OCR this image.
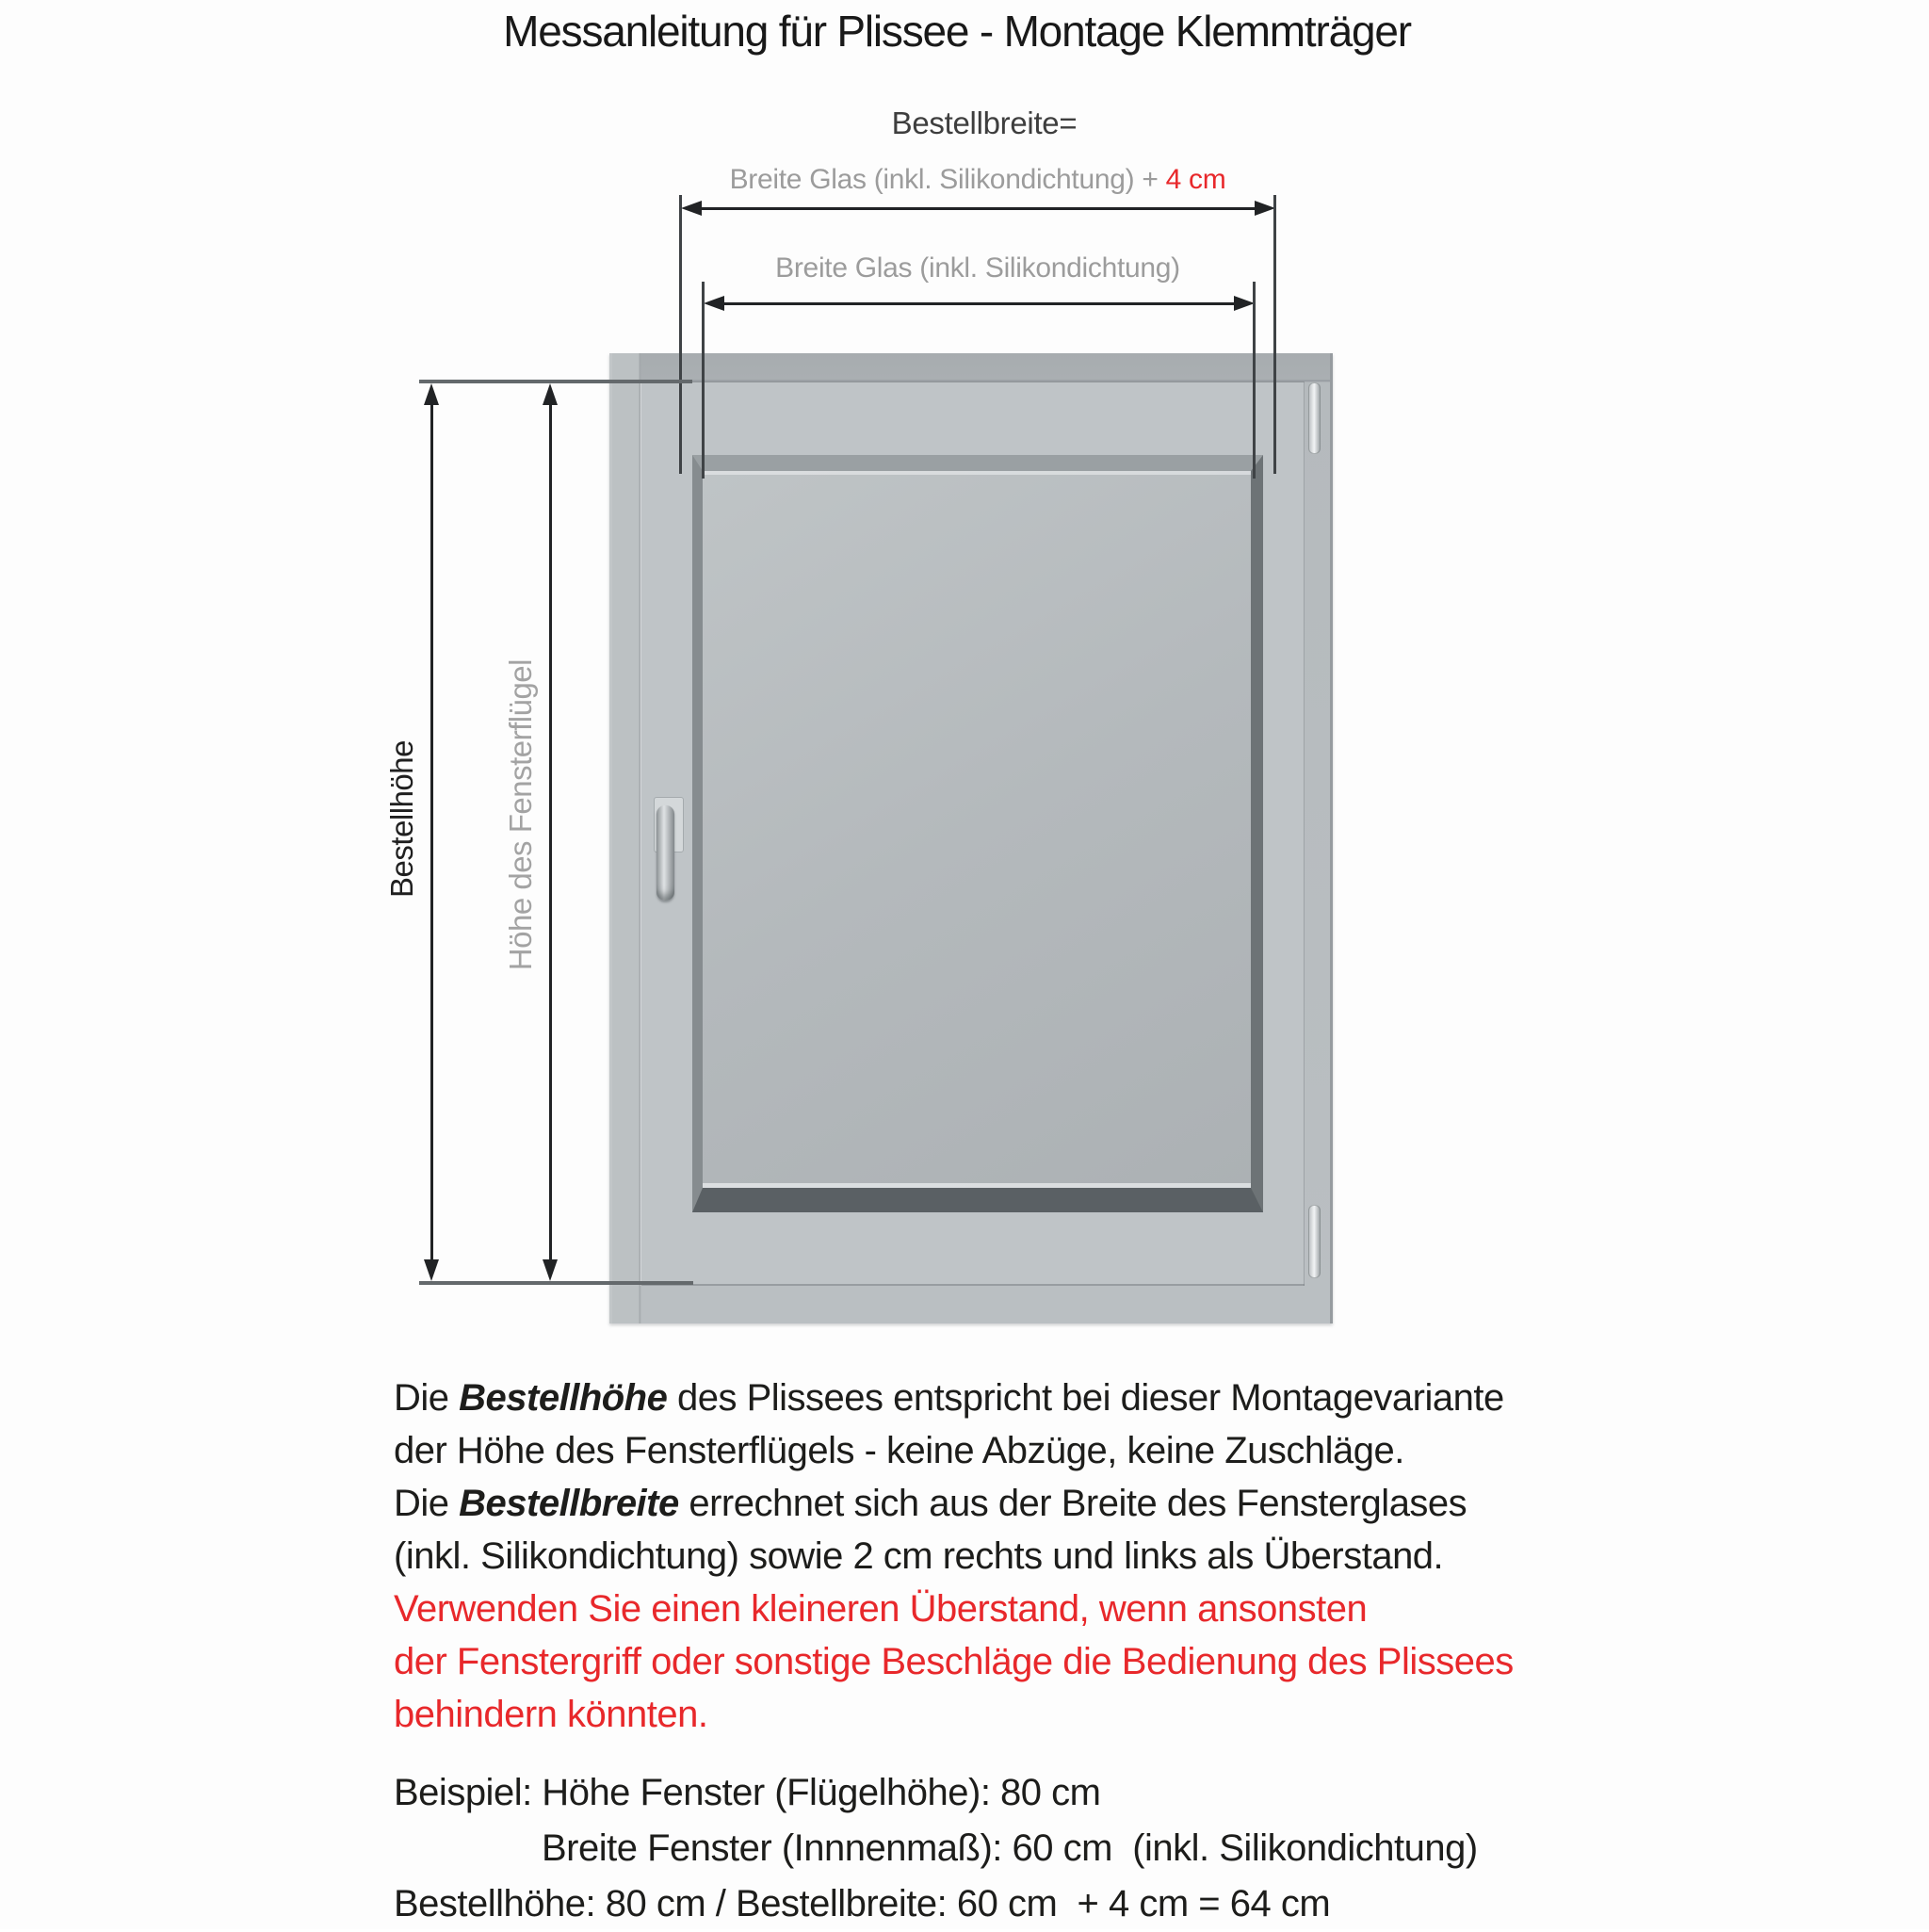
Messanleitung für Plissee - Montage Klemmträger
Bestellbreite=
Breite Glas (inkl. Silikondichtung) + 4 cm
Breite Glas (inkl. Silikondichtung)
Bestellhöhe	Höhe des Fensterflügel
Die Bestellhöhe des Plissees entspricht bei dieser Montagevariante
der Höhe des Fensterflügels - keine Abzüge, keine Zuschläge.
Die Bestellbreite errechnet sich aus der Breite des Fensterglases
(inkl. Silikondichtung) sowie 2 cm rechts und links als Überstand.
Verwenden Sie einen kleineren Überstand, wenn ansonsten
der Fenstergriff oder sonstige Beschläge die Bedienung des Plissees
behindern könnten.
Beispiel: Höhe Fenster (Flügelhöhe): 80 cm
Breite Fenster (Innnenmaß): 60 cm  (inkl. Silikondichtung)
Bestellhöhe: 80 cm / Bestellbreite: 60 cm  + 4 cm = 64 cm
